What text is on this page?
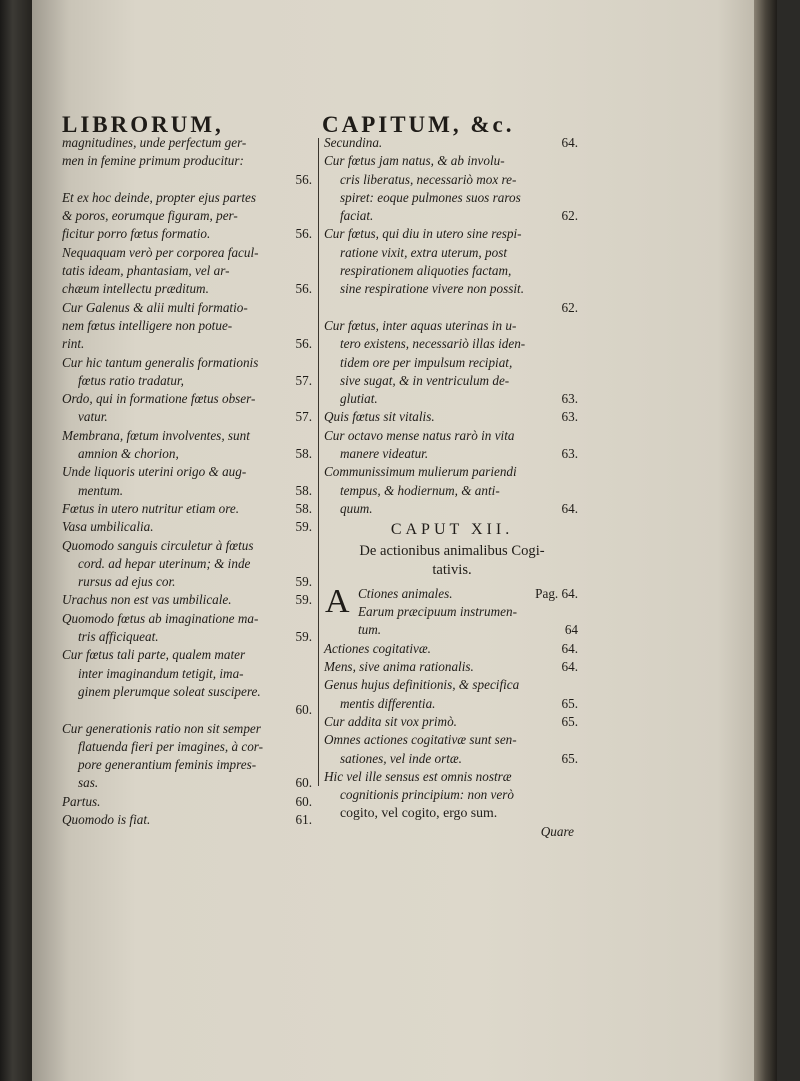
LIBRORUM,	CAPITUM, &c.
magnitudines, unde perfectum ger-
men in femine primum producitur:
56.
Et ex hoc deinde, propter ejus partes
& poros, eorumque figuram, per-
ficitur porro fœtus formatio.	56.
Nequaquam verò per corporea facul-
tatis ideam, phantasiam, vel ar-
chæum intellectu præditum.	56.
Cur Galenus & alii multi formatio-
nem fœtus intelligere non potue-
rint.	56.
Cur hic tantum generalis formationis
fœtus ratio tradatur,	57.
Ordo, qui in formatione fœtus obser-
vatur.	57.
Membrana, fœtum involventes, sunt
amnion & chorion,	58.
Unde liquoris uterini origo & aug-
mentum.	58.
Fœtus in utero nutritur etiam ore.	58.
Vasa umbilicalia.	59.
Quomodo sanguis circuletur à fœtus
cord. ad hepar uterinum; & inde
rursus ad ejus cor.	59.
Urachus non est vas umbilicale.	59.
Quomodo fœtus ab imaginatione ma-
tris afficiqueat.	59.
Cur fœtus tali parte, qualem mater
inter imaginandum tetigit, ima-
ginem plerumque soleat suscipere.
60.
Cur generationis ratio non sit semper
flatuenda fieri per imagines, à cor-
pore generantium feminis impres-
sas.	60.
Partus.	60.
Quomodo is fiat.	61.
Secundina.	64.
Cur fœtus jam natus, & ab involu-
cris liberatus, necessariò mox re-
spiret: eoque pulmones suos raros
faciat.	62.
Cur fœtus, qui diu in utero sine respi-
ratione vixit, extra uterum, post
respirationem aliquoties factam,
sine respiratione vivere non possit.
62.
Cur fœtus, inter aquas uterinas in u-
tero existens, necessariò illas iden-
tidem ore per impulsum recipiat,
sive sugat, & in ventriculum de-
glutiat.	63.
Quis fœtus sit vitalis.	63.
Cur octavo mense natus rarò in vita
manere videatur.	63.
Communissimum mulierum pariendi
tempus, & hodiernum, & anti-
quum.	64.
CAPUT XII.
De actionibus animalibus Cogi-
tativis.
A Ctiones animales.	Pag. 64.
Earum præcipuum instrumen-
tum.	64
Actiones cogitativæ.	64.
Mens, sive anima rationalis.	64.
Genus hujus definitionis, & specifica
mentis differentia.	65.
Cur addita sit vox primò.	65.
Omnes actiones cogitativæ sunt sen-
sationes, vel inde ortæ.	65.
Hic vel ille sensus est omnis nostræ
cognitionis principium: non verò
cogito, vel cogito, ergo sum.
Quare
